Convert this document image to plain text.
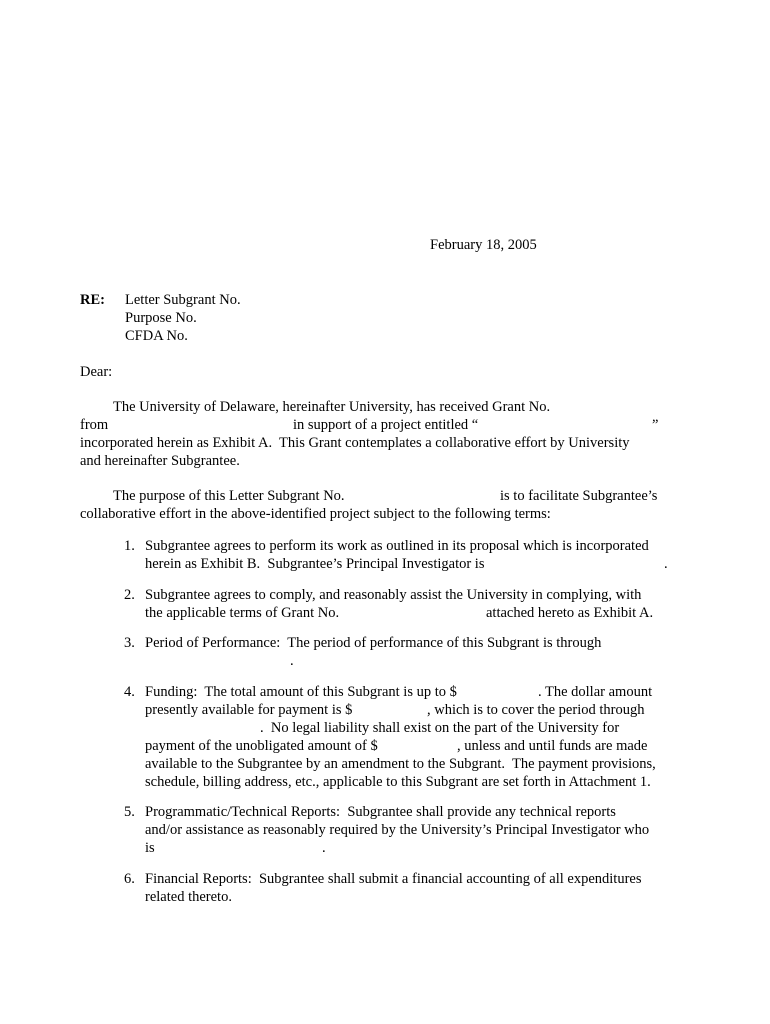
February 18, 2005
RE: Letter Subgrant No.
Purpose No.
CFDA No.
Dear:
The University of Delaware, hereinafter University, has received Grant No.
from	in support of a project entitled “	”
incorporated herein as Exhibit A.  This Grant contemplates a collaborative effort by University
and hereinafter Subgrantee.
The purpose of this Letter Subgrant No.	is to facilitate Subgrantee’s
collaborative effort in the above-identified project subject to the following terms:
1. Subgrantee agrees to perform its work as outlined in its proposal which is incorporated
herein as Exhibit B.  Subgrantee’s Principal Investigator is	.
2. Subgrantee agrees to comply, and reasonably assist the University in complying, with
the applicable terms of Grant No.	attached hereto as Exhibit A.
3. Period of Performance:  The period of performance of this Subgrant is through
.
4. Funding:  The total amount of this Subgrant is up to $	. The dollar amount
presently available for payment is $	, which is to cover the period through
.  No legal liability shall exist on the part of the University for
payment of the unobligated amount of $	, unless and until funds are made
available to the Subgrantee by an amendment to the Subgrant.  The payment provisions,
schedule, billing address, etc., applicable to this Subgrant are set forth in Attachment 1.
5. Programmatic/Technical Reports:  Subgrantee shall provide any technical reports
and/or assistance as reasonably required by the University’s Principal Investigator who
is	.
6. Financial Reports:  Subgrantee shall submit a financial accounting of all expenditures
related thereto.
